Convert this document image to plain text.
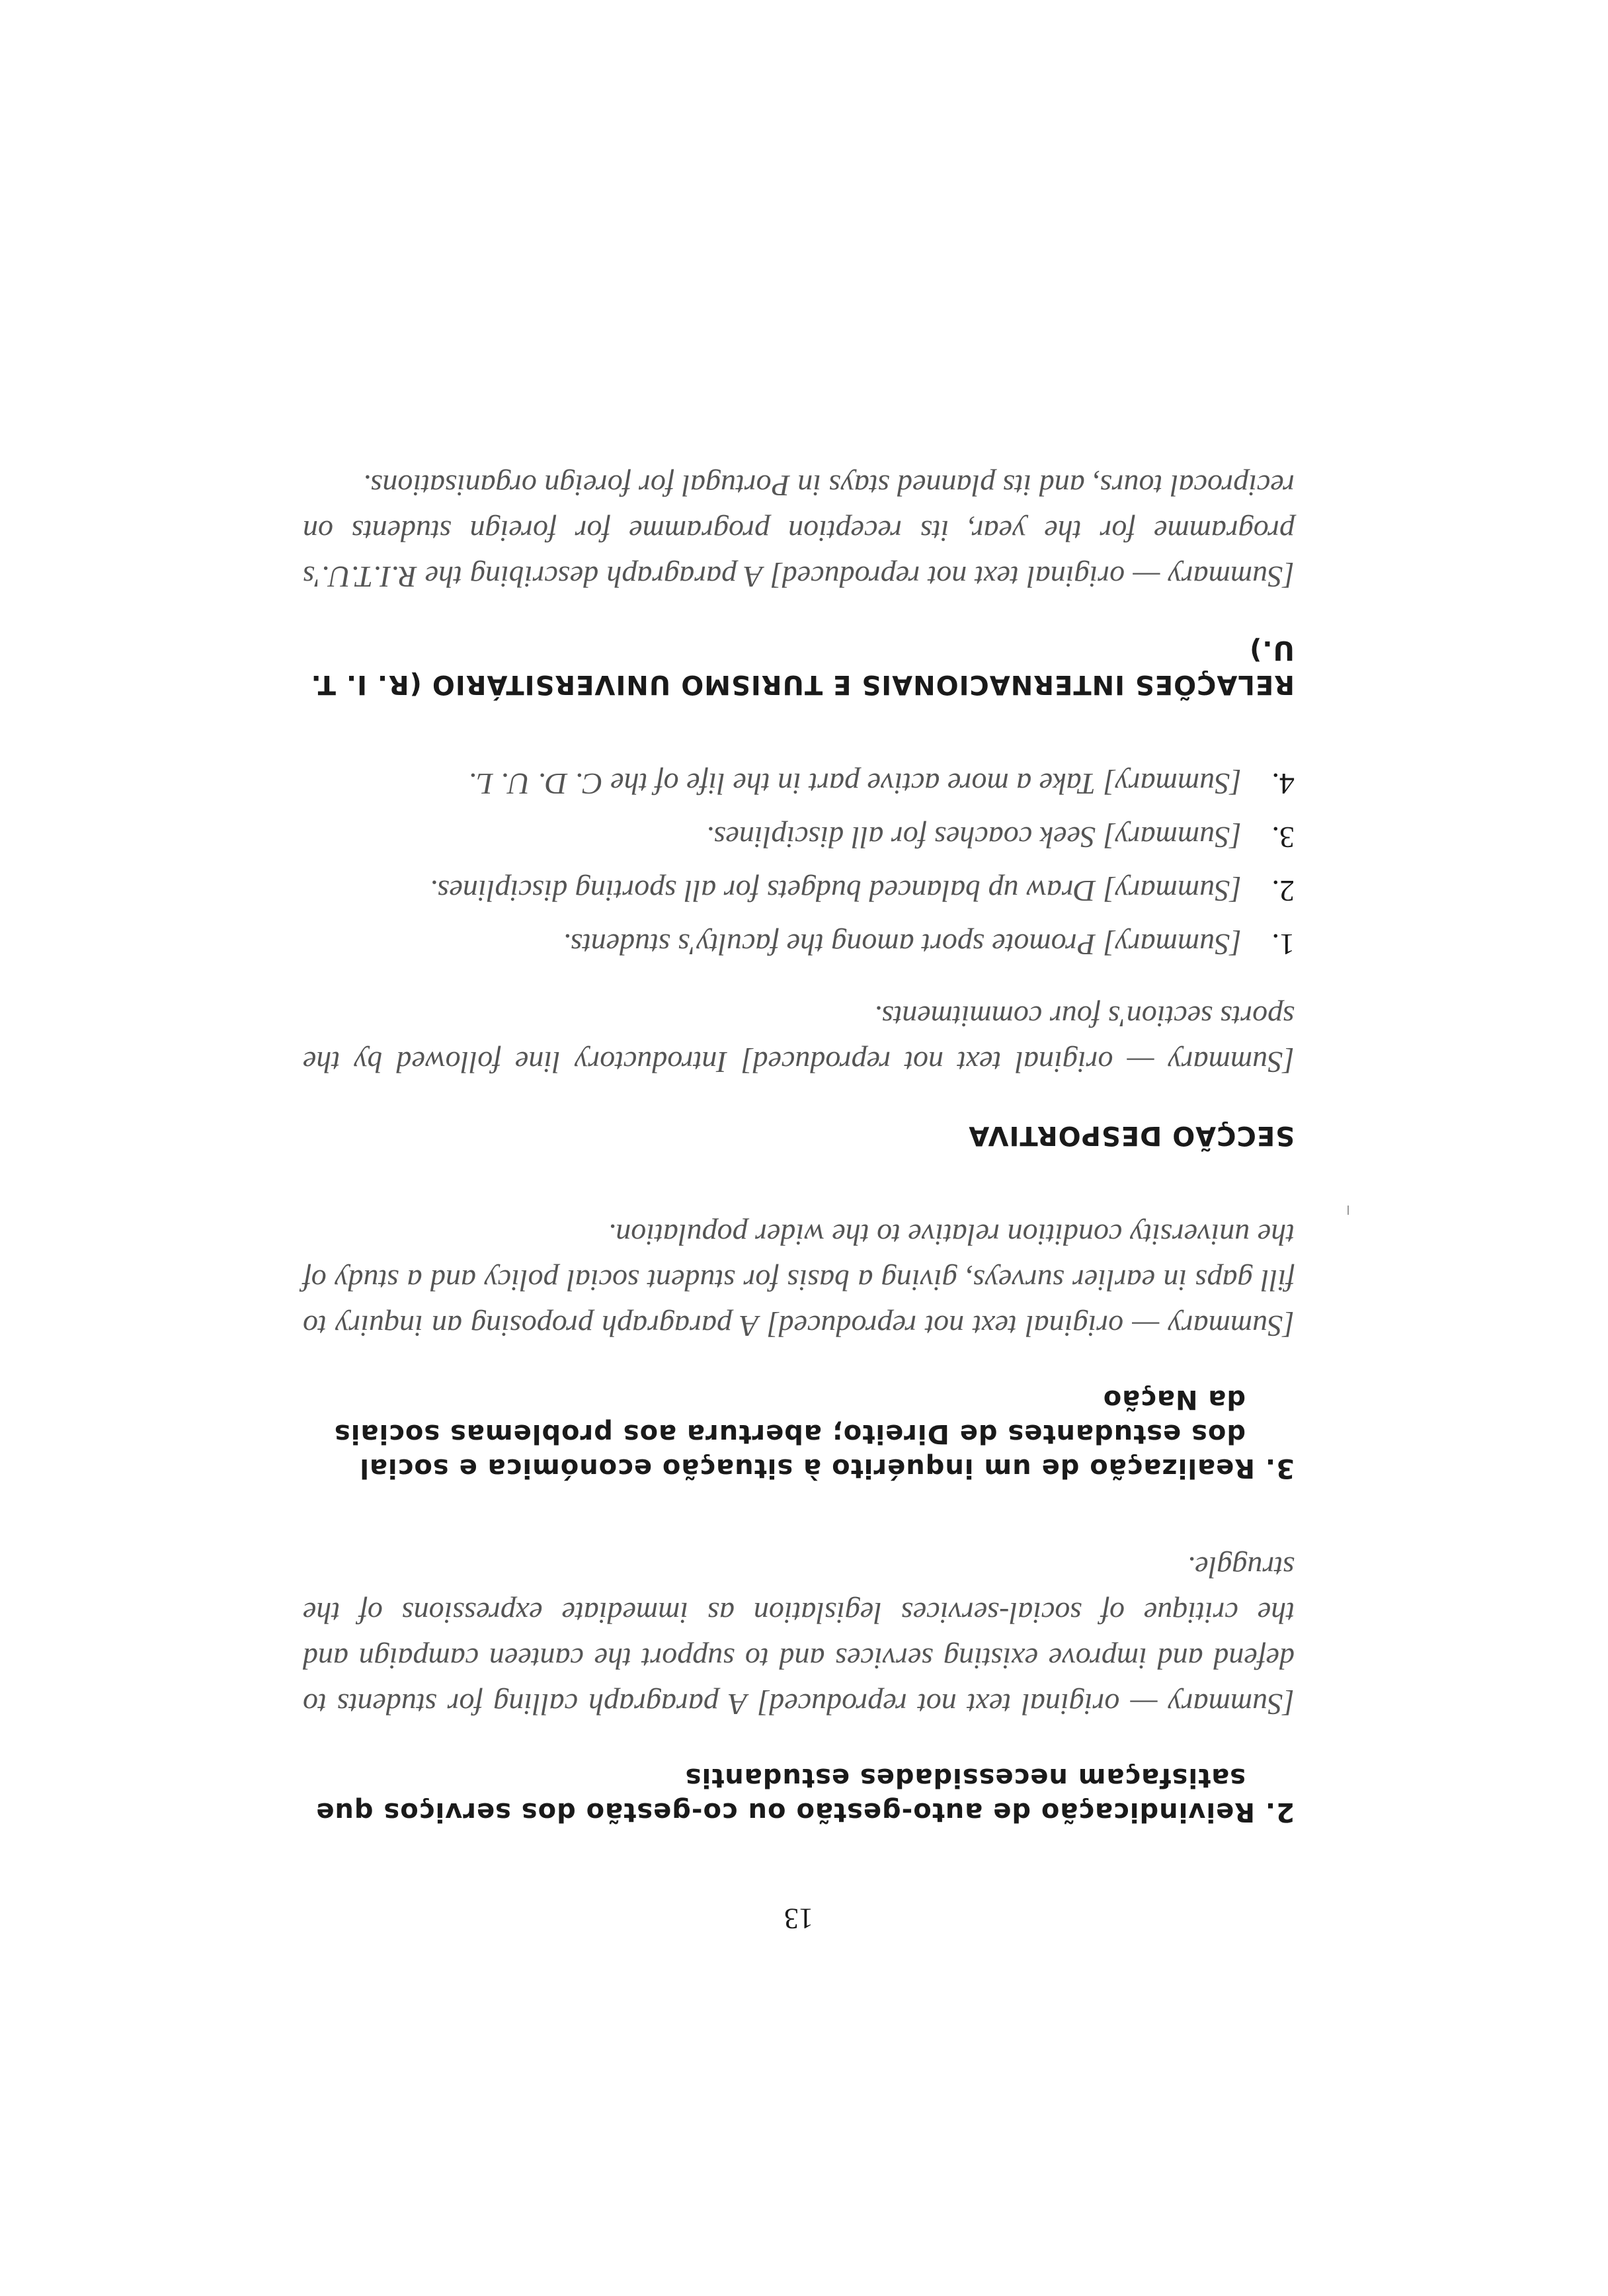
13
2. Reivindicação de auto-gestão ou co-gestão dos serviços que satisfaçam necessidades estudantis

[Summary — original text not reproduced] A paragraph calling for students to defend and improve existing services and to support the canteen campaign and the critique of social-services legislation as immediate expressions of the struggle.

3. Realização de um inquérito à situação económica e social dos estudantes de Direito; abertura aos problemas sociais da Nação

[Summary — original text not reproduced] A paragraph proposing an inquiry to fill gaps in earlier surveys, giving a basis for student social policy and a study of the university condition relative to the wider population.

SECÇÃO DESPORTIVA

[Summary — original text not reproduced] Introductory line followed by the sports section's four commitments.

1.
[Summary] Promote sport among the faculty's students.
2.
[Summary] Draw up balanced budgets for all sporting disciplines.
3.
[Summary] Seek coaches for all disciplines.
4.
[Summary] Take a more active part in the life of the C. D. U. L.
RELAÇÕES INTERNACIONAIS E TURISMO UNIVERSITÁRIO (R. I. T. U.)

[Summary — original text not reproduced] A paragraph describing the R.I.T.U.'s programme for the year, its reception programme for foreign students on reciprocal tours, and its planned stays in Portugal for foreign organisations.
